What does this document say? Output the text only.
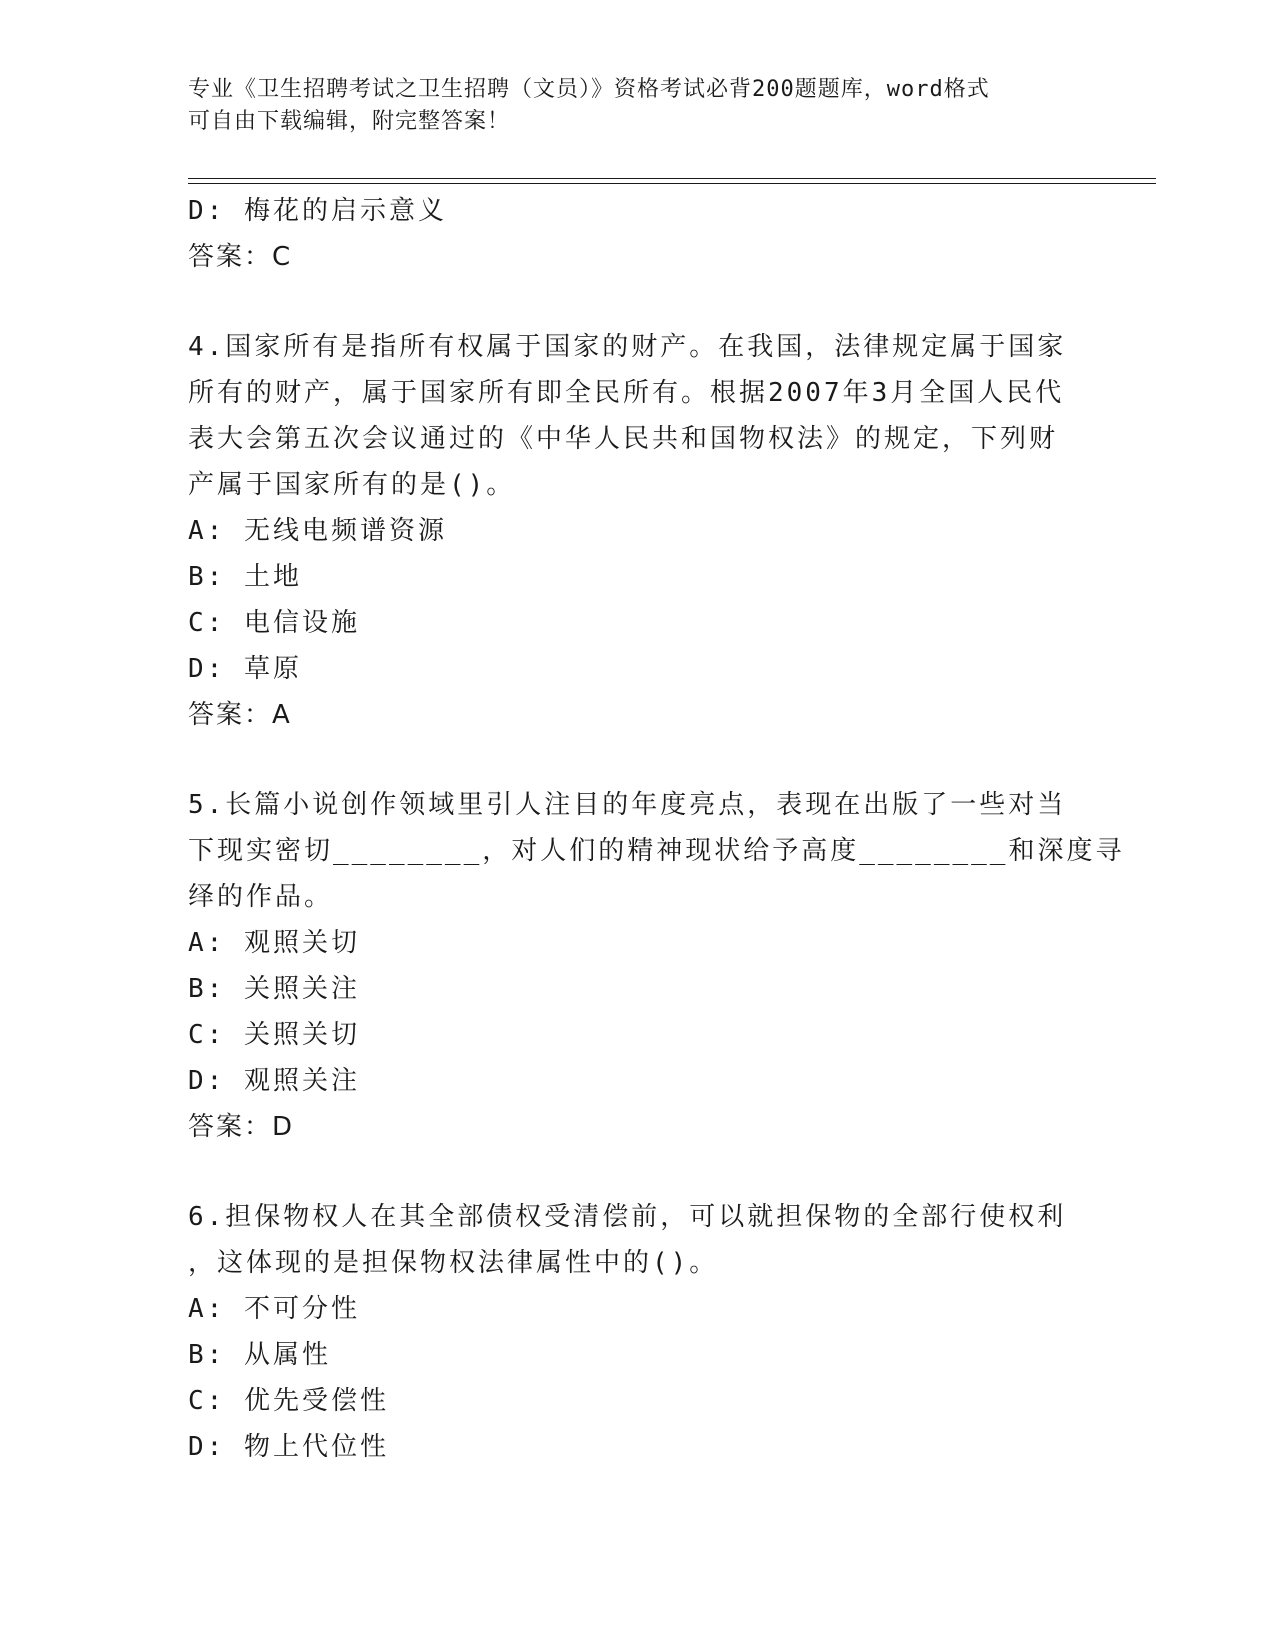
专业《卫生招聘考试之卫生招聘（文员）》资格考试必背200题题库，word格式
可自由下载编辑，附完整答案！
D: 梅花的启示意义
答案：C
4.国家所有是指所有权属于国家的财产。在我国，法律规定属于国家
所有的财产，属于国家所有即全民所有。根据2007年3月全国人民代
表大会第五次会议通过的《中华人民共和国物权法》的规定，下列财
产属于国家所有的是()。
A: 无线电频谱资源
B: 土地
C: 电信设施
D: 草原
答案：A
5.长篇小说创作领域里引人注目的年度亮点，表现在出版了一些对当
下现实密切________，对人们的精神现状给予高度________和深度寻
绎的作品。
A: 观照关切
B: 关照关注
C: 关照关切
D: 观照关注
答案：D
6.担保物权人在其全部债权受清偿前，可以就担保物的全部行使权利
，这体现的是担保物权法律属性中的()。
A: 不可分性
B: 从属性
C: 优先受偿性
D: 物上代位性
